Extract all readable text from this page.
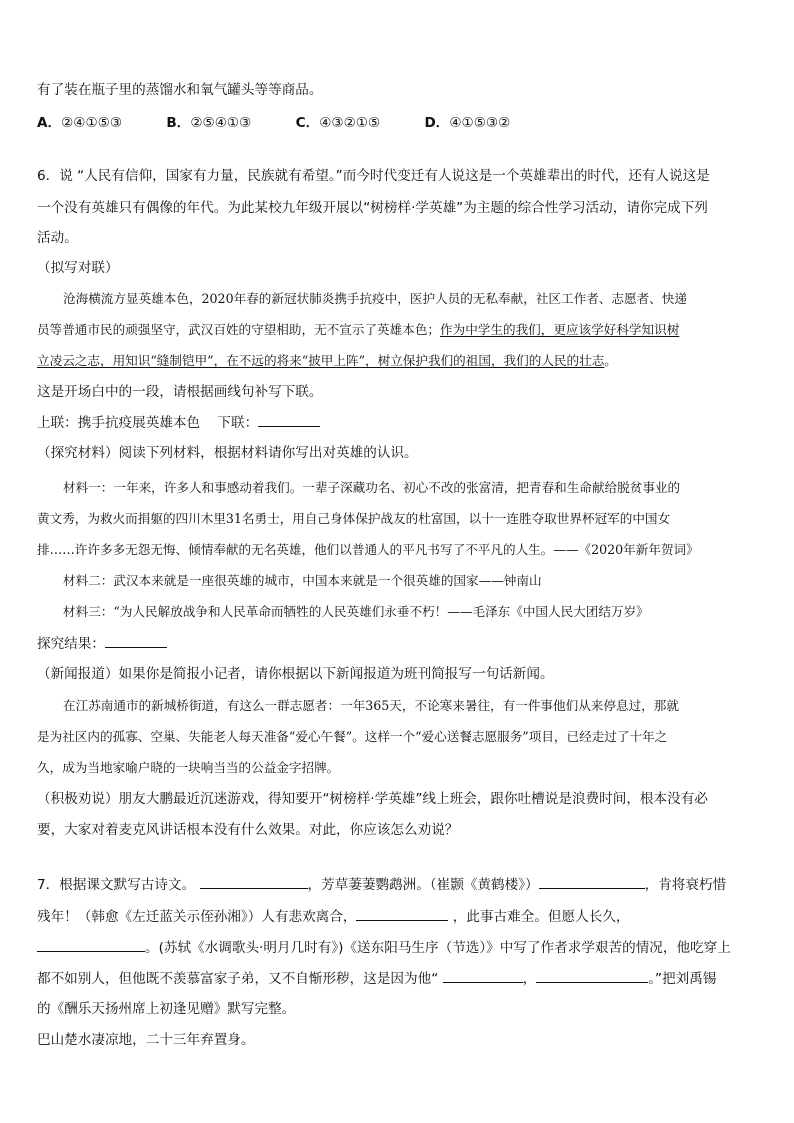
有了装在瓶子里的蒸馏水和氧气罐头等等商品。
A．②④①⑤③	B．②⑤④①③	C．④③②①⑤	D．④①⑤③②
6．说 “人民有信仰，国家有力量，民族就有希望。”而今时代变迁有人说这是一个英雄辈出的时代，还有人说这是
一个没有英雄只有偶像的年代。为此某校九年级开展以“树榜样·学英雄”为主题的综合性学习活动，请你完成下列
活动。
（拟写对联）
沧海横流方显英雄本色，2020年春的新冠状肺炎携手抗疫中，医护人员的无私奉献，社区工作者、志愿者、快递
员等普通市民的顽强坚守，武汉百姓的守望相助，无不宣示了英雄本色；作为中学生的我们，更应该学好科学知识树
立凌云之志，用知识“缝制铠甲”，在不远的将来“披甲上阵”，树立保护我们的祖国，我们的人民的壮志。
这是开场白中的一段，请根据画线句补写下联。
上联：携手抗疫展英雄本色 下联：
（探究材料）阅读下列材料，根据材料请你写出对英雄的认识。
材料一：一年来，许多人和事感动着我们。一辈子深藏功名、初心不改的张富清，把青春和生命献给脱贫事业的
黄文秀，为救火而捐躯的四川木里31名勇士，用自己身体保护战友的杜富国，以十一连胜夺取世界杯冠军的中国女
排……许许多多无怨无悔、倾情奉献的无名英雄，他们以普通人的平凡书写了不平凡的人生。——《2020年新年贺词》
材料二：武汉本来就是一座很英雄的城市，中国本来就是一个很英雄的国家——钟南山
材料三：“为人民解放战争和人民革命而牺牲的人民英雄们永垂不朽！——毛泽东《中国人民大团结万岁》
探究结果：
（新闻报道）如果你是简报小记者，请你根据以下新闻报道为班刊简报写一句话新闻。
在江苏南通市的新城桥街道，有这么一群志愿者：一年365天，不论寒来暑往，有一件事他们从来停息过，那就
是为社区内的孤寡、空巢、失能老人每天准备“爱心午餐”。这样一个“爱心送餐志愿服务”项目，已经走过了十年之
久，成为当地家喻户晓的一块响当当的公益金字招牌。
（积极劝说）朋友大鹏最近沉迷游戏，得知要开“树榜样·学英雄”线上班会，跟你吐槽说是浪费时间，根本没有必
要，大家对着麦克风讲话根本没有什么效果。对此，你应该怎么劝说？
7．根据课文默写古诗文。	，芳草萋萋鹦鹉洲。（崔颢《黄鹤楼》）	，肯将衰朽惜
残年！（韩愈《左迁蓝关示侄孙湘》）人有悲欢离合，	，此事古难全。但愿人长久，
。(苏轼《水调歌头·明月几时有》)《送东阳马生序（节选）》中写了作者求学艰苦的情况，他吃穿上
都不如别人，但他既不羡慕富家子弟，又不自惭形秽，这是因为他“	，	。”把刘禹锡
的《酬乐天扬州席上初逢见赠》默写完整。
巴山楚水凄凉地，二十三年弃置身。
